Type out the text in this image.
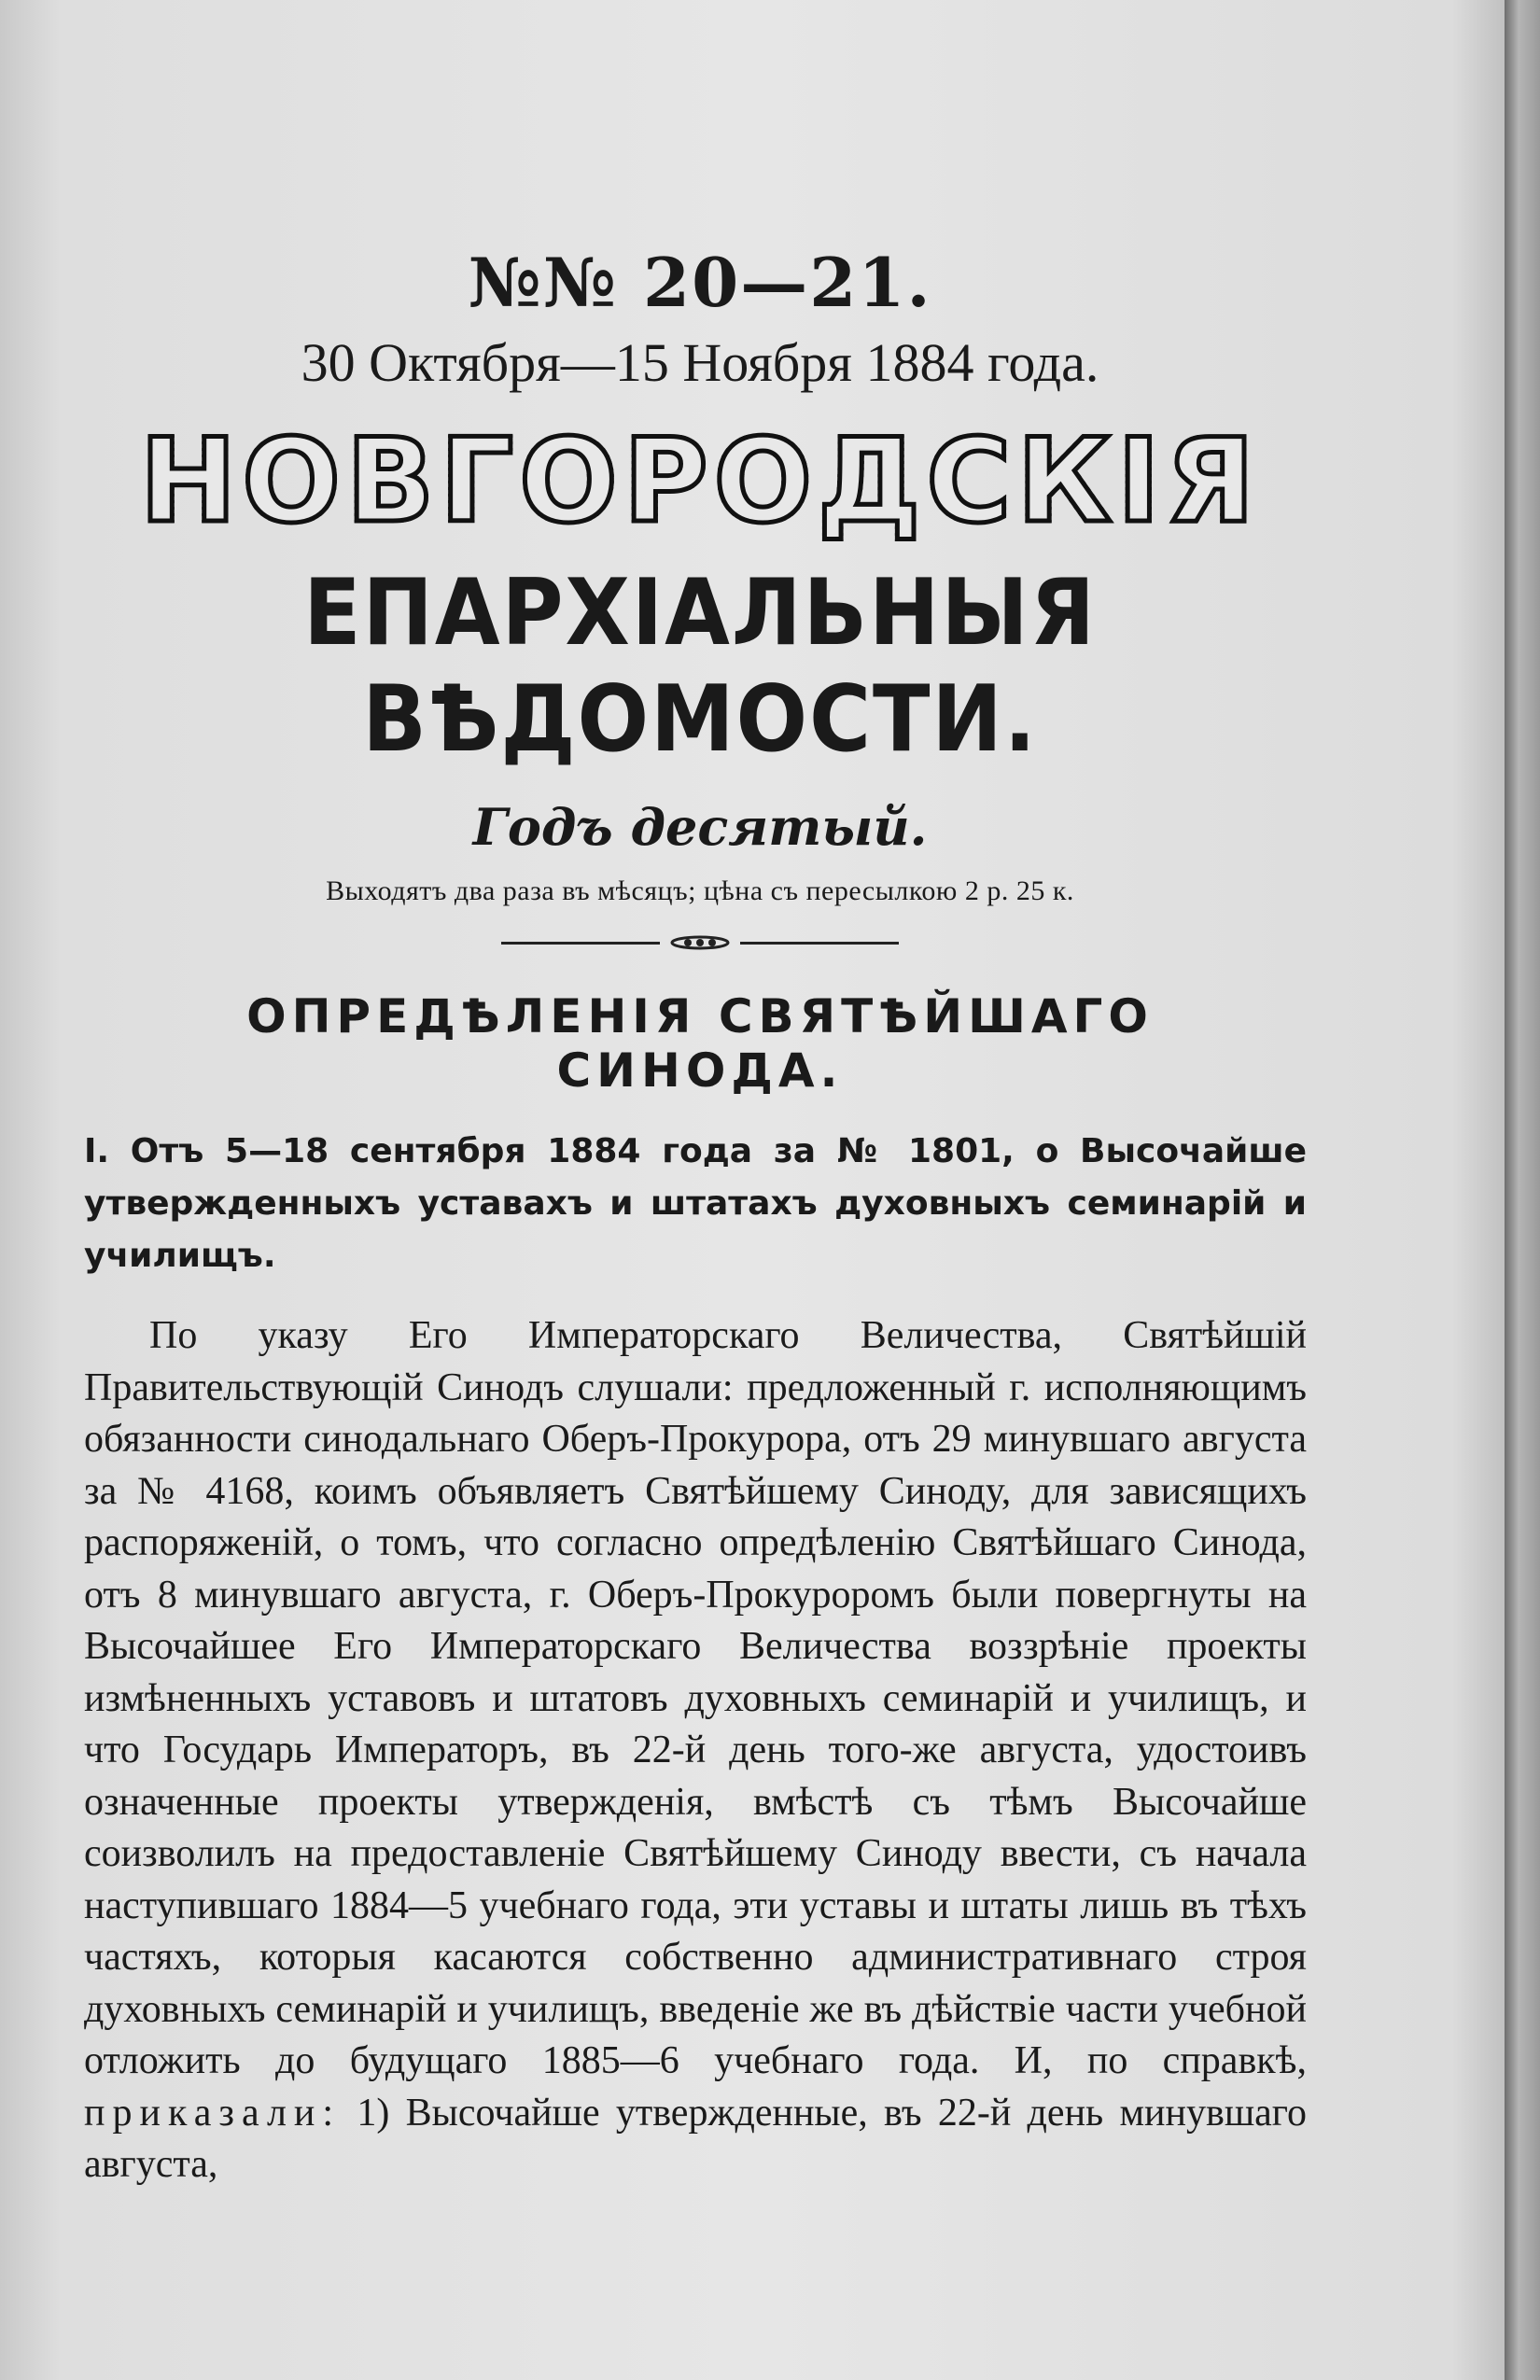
№№ 20—21.

30 Октября—15 Ноября 1884 года.

НОВГОРОДСКІЯ

ЕПАРХІАЛЬНЫЯ ВѢДОМОСТИ.

Годъ десятый.

Выходятъ два раза въ мѣсяцъ; цѣна съ пересылкою 2 р. 25 к.

ОПРЕДѢЛЕНІЯ СВЯТѢЙШАГО СИНОДА.

I. Отъ 5—18 сентября 1884 года за № 1801, о Высочайше утвержденныхъ уставахъ и штатахъ духовныхъ семинарій и училищъ.

По указу Его Императорскаго Величества, Святѣйшій Правительствующій Синодъ слушали: предложенный г. исполняющимъ обязанности синодальнаго Оберъ-Прокурора, отъ 29 минувшаго августа за № 4168, коимъ объявляетъ Святѣйшему Синоду, для зависящихъ распоряженій, о томъ, что согласно опредѣленію Святѣйшаго Синода, отъ 8 минувшаго августа, г. Оберъ-Прокуроромъ были повергнуты на Высочайшее Его Императорскаго Величества воззрѣніе проекты измѣненныхъ уставовъ и штатовъ духовныхъ семинарій и училищъ, и что Государь Императоръ, въ 22-й день того-же августа, удостоивъ означенные проекты утвержденія, вмѣстѣ съ тѣмъ Высочайше соизволилъ на предоставленіе Святѣйшему Синоду ввести, съ начала наступившаго 1884—5 учебнаго года, эти уставы и штаты лишь въ тѣхъ частяхъ, которыя касаются собственно административнаго строя духовныхъ семинарій и училищъ, введеніе же въ дѣйствіе части учебной отложить до будущаго 1885—6 учебнаго года. И, по справкѣ, приказали: 1) Высочайше утвержденные, въ 22-й день минувшаго августа,
